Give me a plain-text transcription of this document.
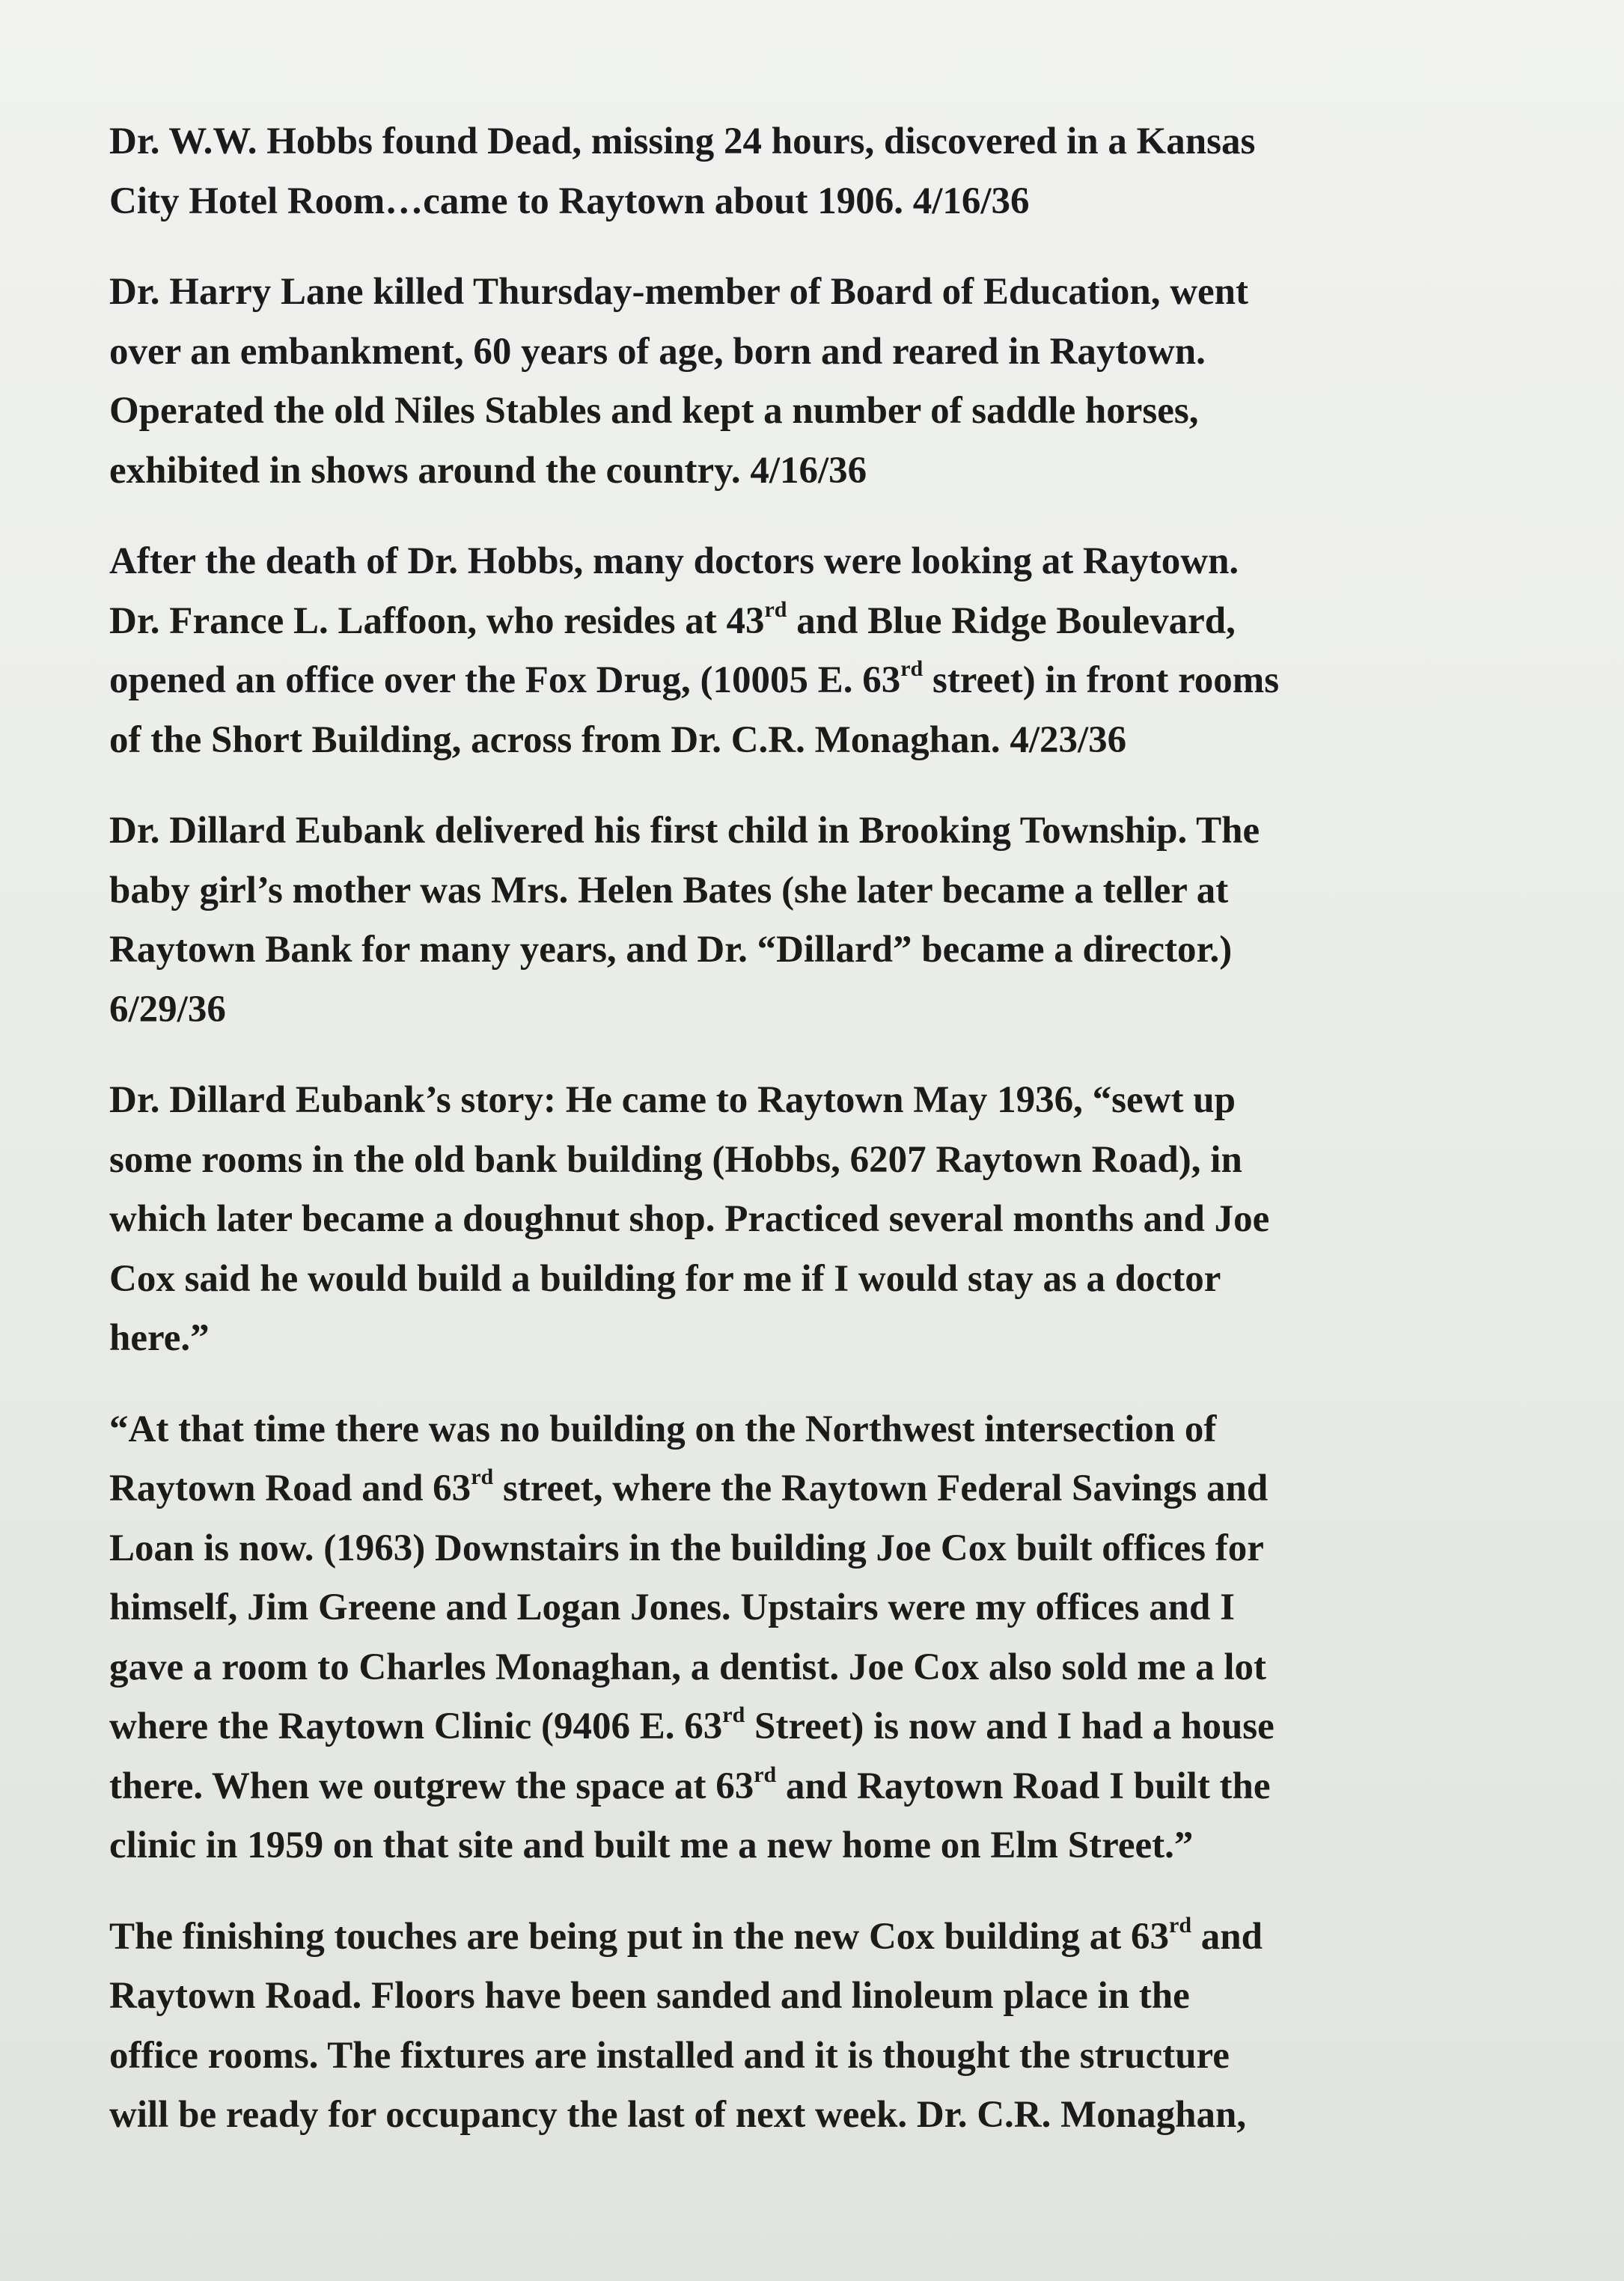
Dr. W.W. Hobbs found Dead, missing 24 hours, discovered in a Kansas
City Hotel Room…came to Raytown about 1906. 4/16/36
Dr. Harry Lane killed Thursday-member of Board of Education, went
over an embankment, 60 years of age, born and reared in Raytown.
Operated the old Niles Stables and kept a number of saddle horses,
exhibited in shows around the country. 4/16/36
After the death of Dr. Hobbs, many doctors were looking at Raytown.
Dr. France L. Laffoon, who resides at 43rd and Blue Ridge Boulevard,
opened an office over the Fox Drug, (10005 E. 63rd street) in front rooms
of the Short Building, across from Dr. C.R. Monaghan. 4/23/36
Dr. Dillard Eubank delivered his first child in Brooking Township. The
baby girl’s mother was Mrs. Helen Bates (she later became a teller at
Raytown Bank for many years, and Dr. “Dillard” became a director.)
6/29/36
Dr. Dillard Eubank’s story: He came to Raytown May 1936, “sewt up
some rooms in the old bank building (Hobbs, 6207 Raytown Road), in
which later became a doughnut shop. Practiced several months and Joe
Cox said he would build a building for me if I would stay as a doctor
here.”
“At that time there was no building on the Northwest intersection of
Raytown Road and 63rd street, where the Raytown Federal Savings and
Loan is now. (1963) Downstairs in the building Joe Cox built offices for
himself, Jim Greene and Logan Jones. Upstairs were my offices and I
gave a room to Charles Monaghan, a dentist. Joe Cox also sold me a lot
where the Raytown Clinic (9406 E. 63rd Street) is now and I had a house
there. When we outgrew the space at 63rd and Raytown Road I built the
clinic in 1959 on that site and built me a new home on Elm Street.”
The finishing touches are being put in the new Cox building at 63rd and
Raytown Road. Floors have been sanded and linoleum place in the
office rooms. The fixtures are installed and it is thought the structure
will be ready for occupancy the last of next week. Dr. C.R. Monaghan,
